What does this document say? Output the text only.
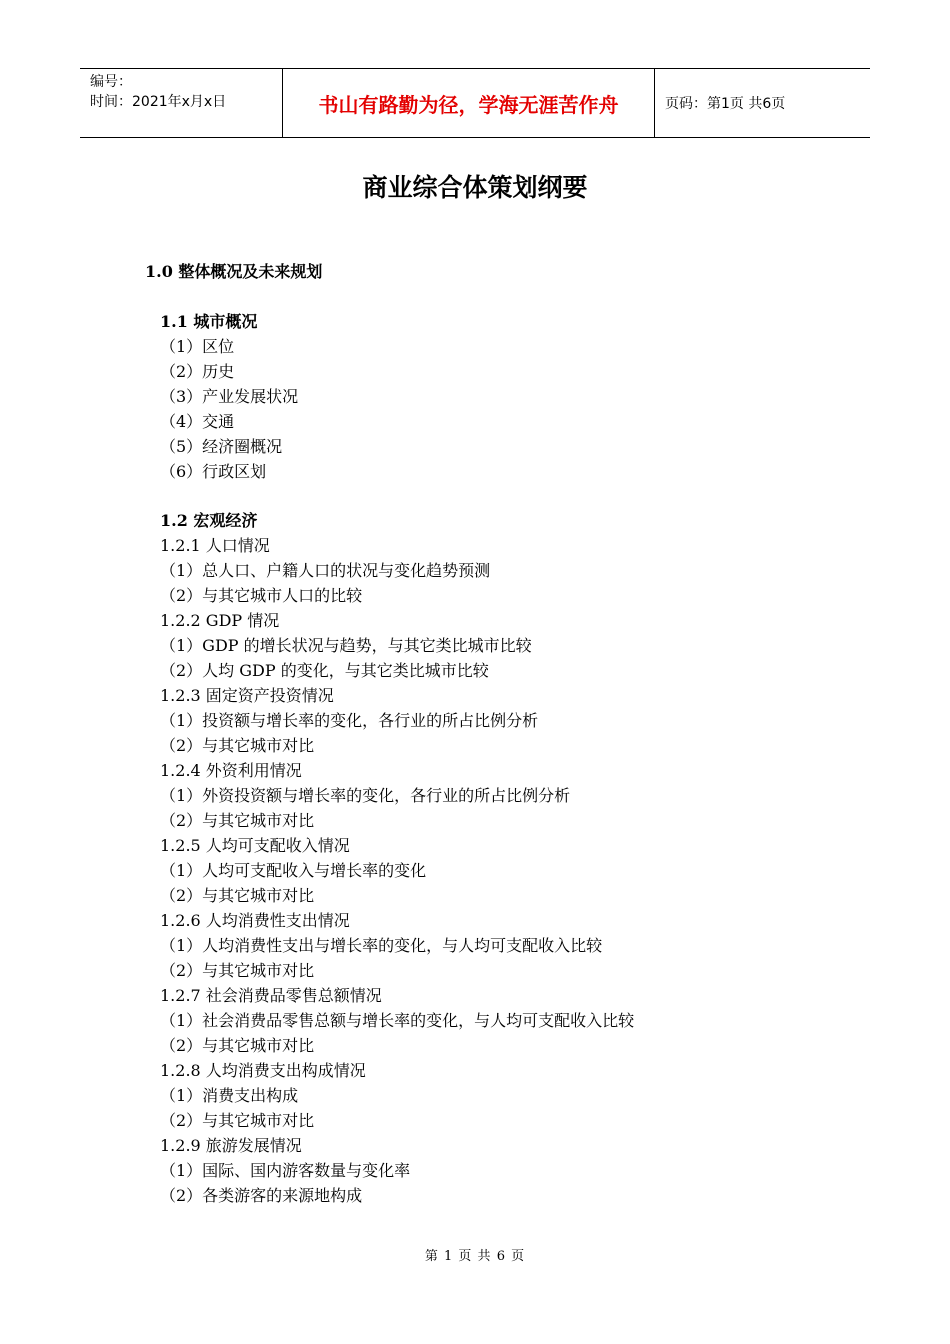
编号：
时间：2021年x月x日	书山有路勤为径，学海无涯苦作舟	页码：第1页 共6页
商业综合体策划纲要
1.0 整体概况及未来规划
1.1 城市概况
（1）区位
（2）历史
（3）产业发展状况
（4）交通
（5）经济圈概况
（6）行政区划
1.2 宏观经济
1.2.1 人口情况
（1）总人口、户籍人口的状况与变化趋势预测
（2）与其它城市人口的比较
1.2.2 GDP 情况
（1）GDP 的增长状况与趋势，与其它类比城市比较
（2）人均 GDP 的变化，与其它类比城市比较
1.2.3 固定资产投资情况
（1）投资额与增长率的变化，各行业的所占比例分析
（2）与其它城市对比
1.2.4 外资利用情况
（1）外资投资额与增长率的变化，各行业的所占比例分析
（2）与其它城市对比
1.2.5 人均可支配收入情况
（1）人均可支配收入与增长率的变化
（2）与其它城市对比
1.2.6 人均消费性支出情况
（1）人均消费性支出与增长率的变化，与人均可支配收入比较
（2）与其它城市对比
1.2.7 社会消费品零售总额情况
（1）社会消费品零售总额与增长率的变化，与人均可支配收入比较
（2）与其它城市对比
1.2.8 人均消费支出构成情况
（1）消费支出构成
（2）与其它城市对比
1.2.9 旅游发展情况
（1）国际、国内游客数量与变化率
（2）各类游客的来源地构成
第 1 页 共 6 页
